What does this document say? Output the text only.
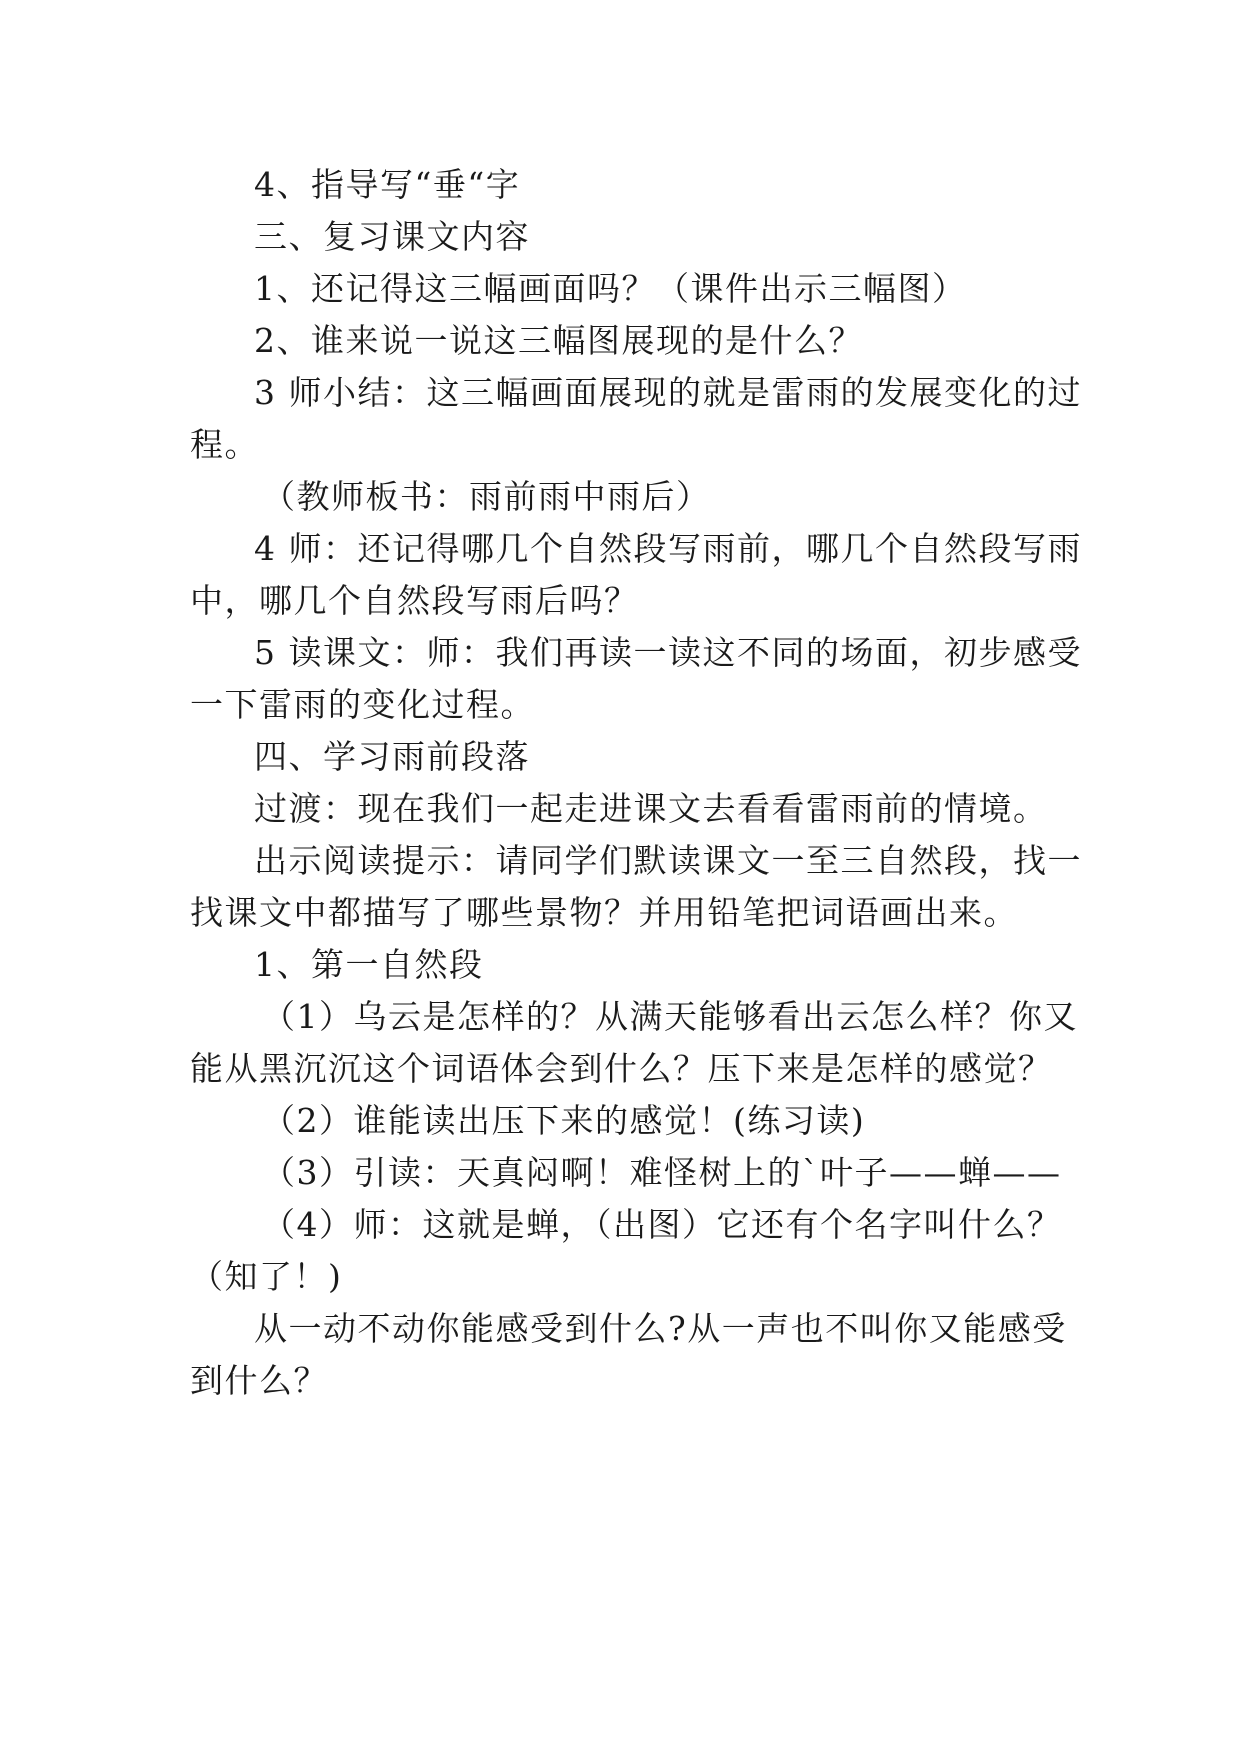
4、指导写“垂“字

三、复习课文内容

1、还记得这三幅画面吗？（课件出示三幅图）

2、谁来说一说这三幅图展现的是什么？

3 师小结：这三幅画面展现的就是雷雨的发展变化的过

程。

（教师板书：雨前雨中雨后）

4 师：还记得哪几个自然段写雨前，哪几个自然段写雨

中，哪几个自然段写雨后吗？

5 读课文：师：我们再读一读这不同的场面，初步感受

一下雷雨的变化过程。

四、学习雨前段落

过渡：现在我们一起走进课文去看看雷雨前的情境。

出示阅读提示：请同学们默读课文一至三自然段，找一

找课文中都描写了哪些景物？并用铅笔把词语画出来。

1、第一自然段

（1）乌云是怎样的？从满天能够看出云怎么样？你又

能从黑沉沉这个词语体会到什么？压下来是怎样的感觉？

（2）谁能读出压下来的感觉！(练习读)

（3）引读：天真闷啊！难怪树上的`叶子——蝉——

（4）师：这就是蝉，（出图）它还有个名字叫什么？

（知了！)

从一动不动你能感受到什么?从一声也不叫你又能感受

到什么？
